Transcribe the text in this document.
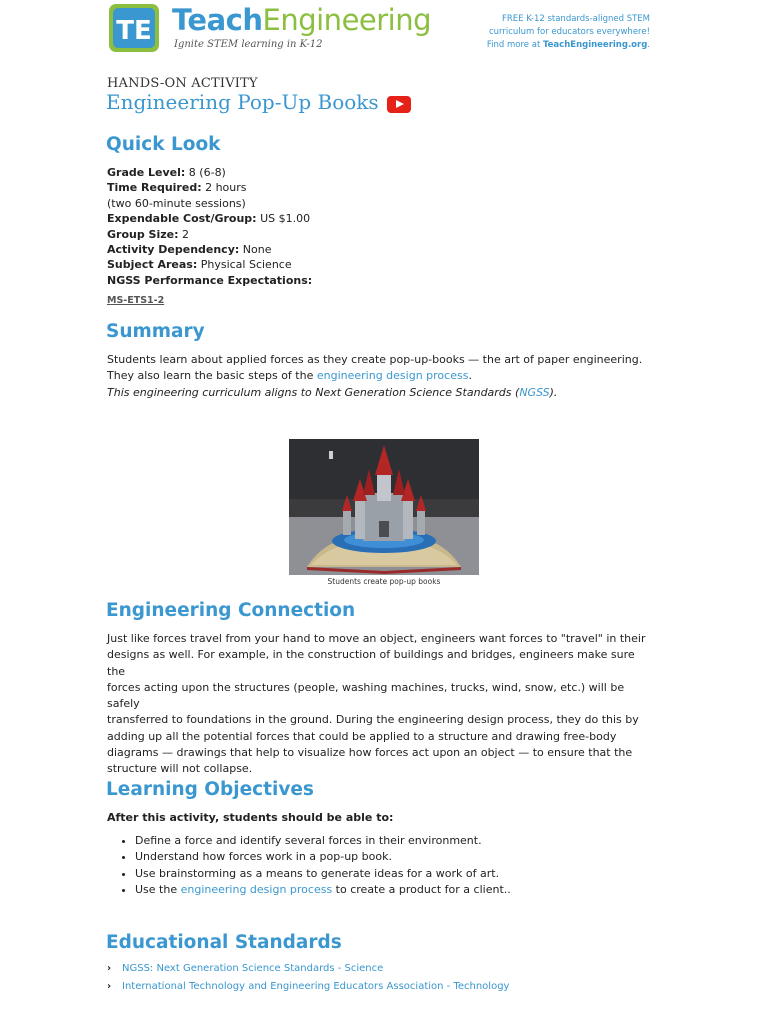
TE TeachEngineering
Ignite STEM learning in K-12
FREE K-12 standards-aligned STEM
curriculum for educators everywhere!
Find more at TeachEngineering.org.
HANDS-ON ACTIVITY
Engineering Pop-Up Books
Quick Look
Grade Level: 8 (6-8)
Time Required: 2 hours
(two 60-minute sessions)
Expendable Cost/Group: US $1.00
Group Size: 2
Activity Dependency: None
Subject Areas: Physical Science
NGSS Performance Expectations:
MS-ETS1-2
Summary
Students learn about applied forces as they create pop-up-books — the art of paper engineering.
They also learn the basic steps of the engineering design process.
This engineering curriculum aligns to Next Generation Science Standards (NGSS).
Students create pop-up books
Engineering Connection
Just like forces travel from your hand to move an object, engineers want forces to "travel" in their
designs as well. For example, in the construction of buildings and bridges, engineers make sure the
forces acting upon the structures (people, washing machines, trucks, wind, snow, etc.) will be safely
transferred to foundations in the ground. During the engineering design process, they do this by
adding up all the potential forces that could be applied to a structure and drawing free-body
diagrams — drawings that help to visualize how forces act upon an object — to ensure that the
structure will not collapse.
Learning Objectives
After this activity, students should be able to:
• Define a force and identify several forces in their environment.
• Understand how forces work in a pop-up book.
• Use brainstorming as a means to generate ideas for a work of art.
• Use the engineering design process to create a product for a client..
Educational Standards
› NGSS: Next Generation Science Standards - Science
› International Technology and Engineering Educators Association - Technology
